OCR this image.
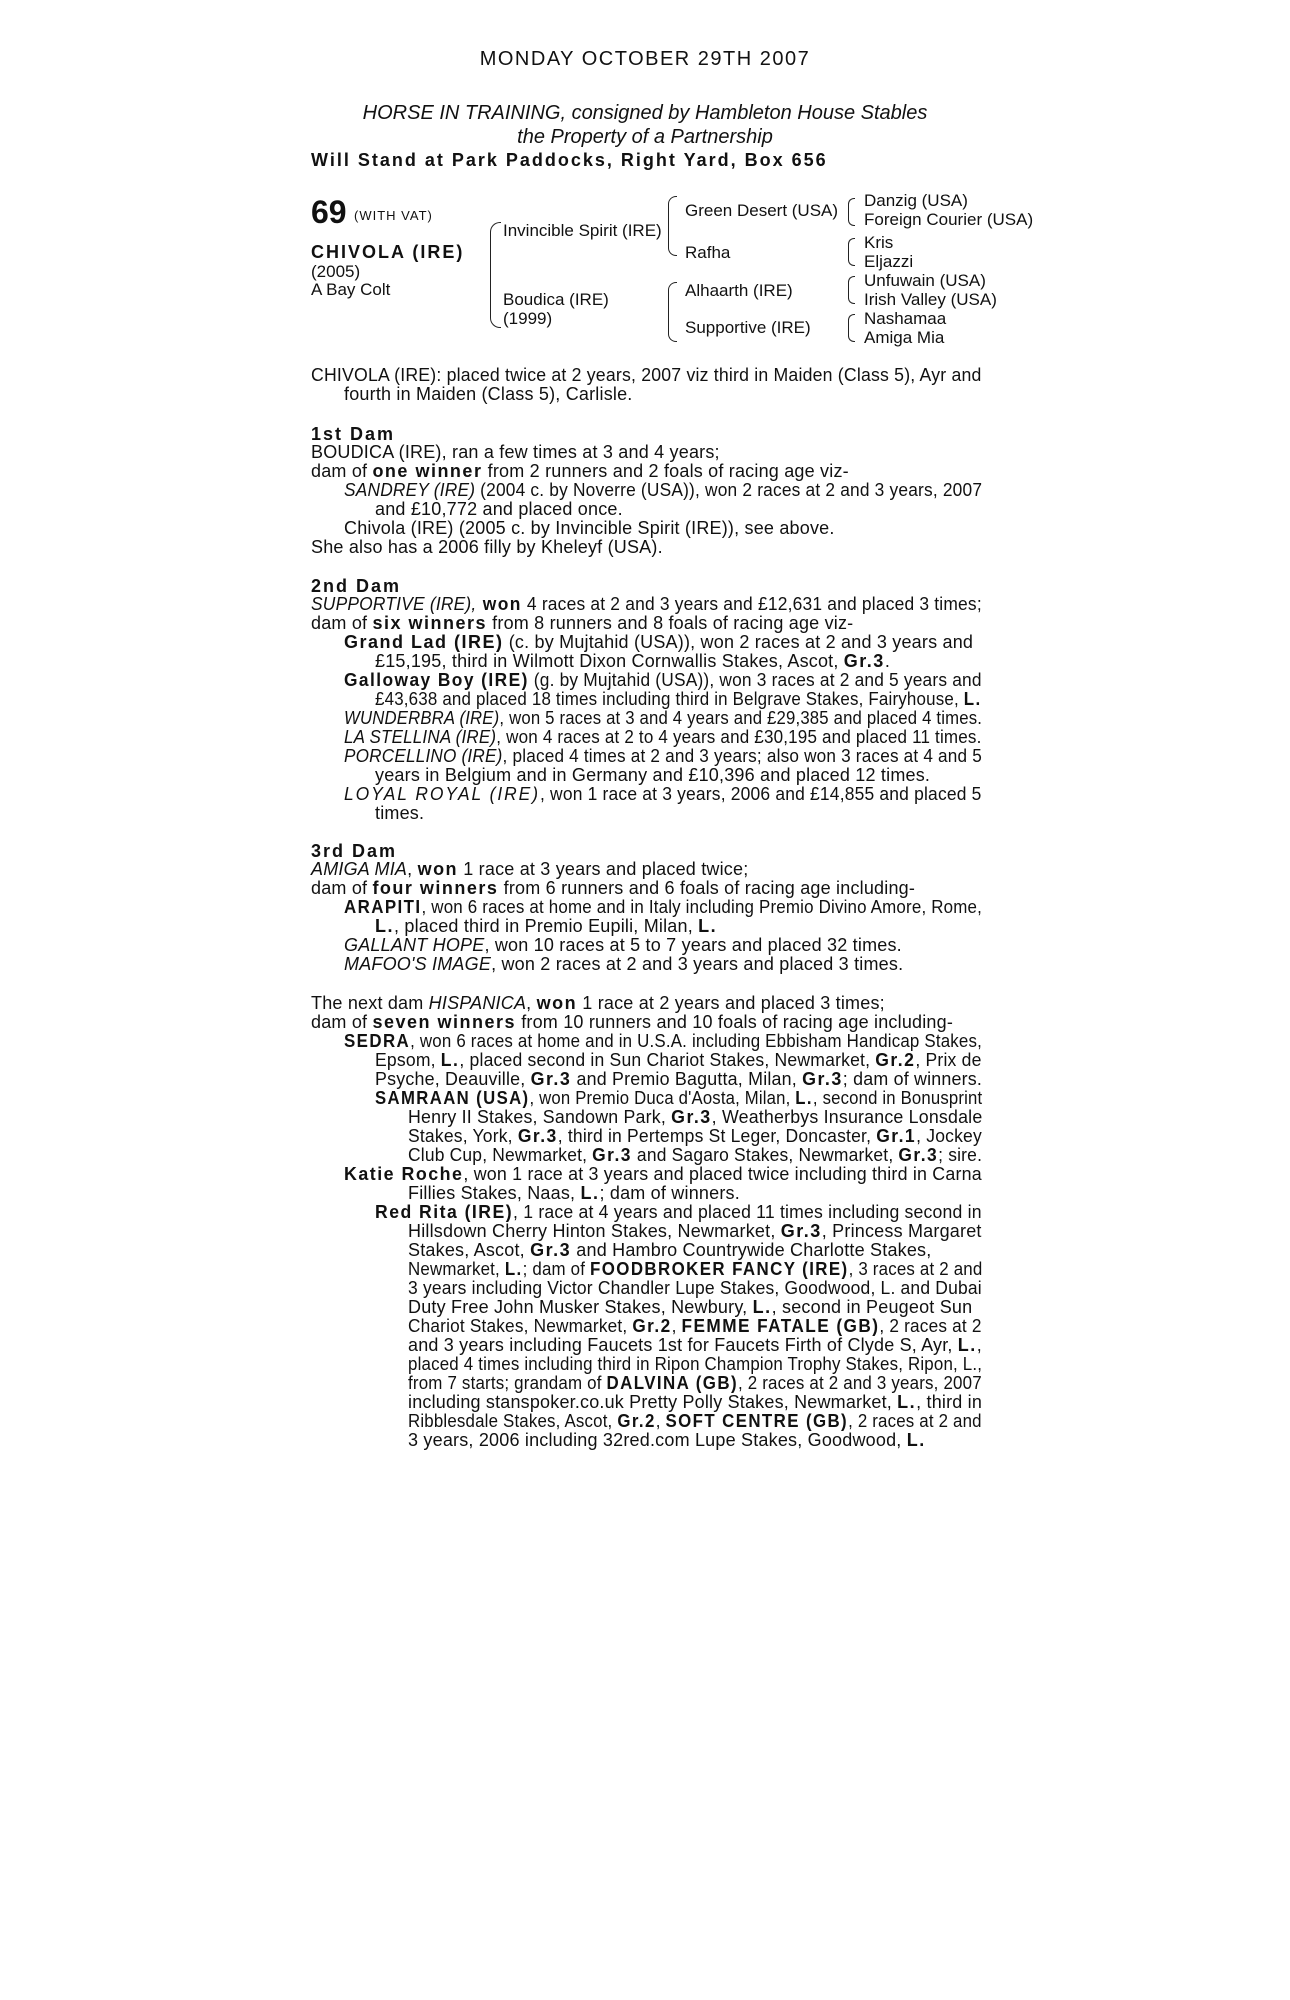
MONDAY OCTOBER 29TH 2007
HORSE IN TRAINING, consigned by Hambleton House Stables
the Property of a Partnership
Will Stand at Park Paddocks, Right Yard, Box 656
69 (WITH VAT)
CHIVOLA (IRE)
(2005)
A Bay Colt
Invincible Spirit (IRE)
Boudica (IRE)
(1999)
Green Desert (USA)
Rafha
Alhaarth (IRE)
Supportive (IRE)
Danzig (USA)
Foreign Courier (USA)
Kris
Eljazzi
Unfuwain (USA)
Irish Valley (USA)
Nashamaa
Amiga Mia
CHIVOLA (IRE): placed twice at 2 years, 2007 viz third in Maiden (Class 5), Ayr and
fourth in Maiden (Class 5), Carlisle.
1st Dam
BOUDICA (IRE), ran a few times at 3 and 4 years;
dam of one winner from 2 runners and 2 foals of racing age viz-
SANDREY (IRE) (2004 c. by Noverre (USA)), won 2 races at 2 and 3 years, 2007
and £10,772 and placed once.
Chivola (IRE) (2005 c. by Invincible Spirit (IRE)), see above.
She also has a 2006 filly by Kheleyf (USA).
2nd Dam
SUPPORTIVE (IRE), won 4 races at 2 and 3 years and £12,631 and placed 3 times;
dam of six winners from 8 runners and 8 foals of racing age viz-
Grand Lad (IRE) (c. by Mujtahid (USA)), won 2 races at 2 and 3 years and
£15,195, third in Wilmott Dixon Cornwallis Stakes, Ascot, Gr.3.
Galloway Boy (IRE) (g. by Mujtahid (USA)), won 3 races at 2 and 5 years and
£43,638 and placed 18 times including third in Belgrave Stakes, Fairyhouse, L.
WUNDERBRA (IRE), won 5 races at 3 and 4 years and £29,385 and placed 4 times.
LA STELLINA (IRE), won 4 races at 2 to 4 years and £30,195 and placed 11 times.
PORCELLINO (IRE), placed 4 times at 2 and 3 years; also won 3 races at 4 and 5
years in Belgium and in Germany and £10,396 and placed 12 times.
LOYAL ROYAL (IRE), won 1 race at 3 years, 2006 and £14,855 and placed 5
times.
3rd Dam
AMIGA MIA, won 1 race at 3 years and placed twice;
dam of four winners from 6 runners and 6 foals of racing age including-
ARAPITI, won 6 races at home and in Italy including Premio Divino Amore, Rome,
L., placed third in Premio Eupili, Milan, L.
GALLANT HOPE, won 10 races at 5 to 7 years and placed 32 times.
MAFOO'S IMAGE, won 2 races at 2 and 3 years and placed 3 times.
The next dam HISPANICA, won 1 race at 2 years and placed 3 times;
dam of seven winners from 10 runners and 10 foals of racing age including-
SEDRA, won 6 races at home and in U.S.A. including Ebbisham Handicap Stakes,
Epsom, L., placed second in Sun Chariot Stakes, Newmarket, Gr.2, Prix de
Psyche, Deauville, Gr.3 and Premio Bagutta, Milan, Gr.3; dam of winners.
SAMRAAN (USA), won Premio Duca d'Aosta, Milan, L., second in Bonusprint
Henry II Stakes, Sandown Park, Gr.3, Weatherbys Insurance Lonsdale
Stakes, York, Gr.3, third in Pertemps St Leger, Doncaster, Gr.1, Jockey
Club Cup, Newmarket, Gr.3 and Sagaro Stakes, Newmarket, Gr.3; sire.
Katie Roche, won 1 race at 3 years and placed twice including third in Carna
Fillies Stakes, Naas, L.; dam of winners.
Red Rita (IRE), 1 race at 4 years and placed 11 times including second in
Hillsdown Cherry Hinton Stakes, Newmarket, Gr.3, Princess Margaret
Stakes, Ascot, Gr.3 and Hambro Countrywide Charlotte Stakes,
Newmarket, L.; dam of FOODBROKER FANCY (IRE), 3 races at 2 and
3 years including Victor Chandler Lupe Stakes, Goodwood, L. and Dubai
Duty Free John Musker Stakes, Newbury, L., second in Peugeot Sun
Chariot Stakes, Newmarket, Gr.2, FEMME FATALE (GB), 2 races at 2
and 3 years including Faucets 1st for Faucets Firth of Clyde S, Ayr, L.,
placed 4 times including third in Ripon Champion Trophy Stakes, Ripon, L.,
from 7 starts; grandam of DALVINA (GB), 2 races at 2 and 3 years, 2007
including stanspoker.co.uk Pretty Polly Stakes, Newmarket, L., third in
Ribblesdale Stakes, Ascot, Gr.2, SOFT CENTRE (GB), 2 races at 2 and
3 years, 2006 including 32red.com Lupe Stakes, Goodwood, L.
